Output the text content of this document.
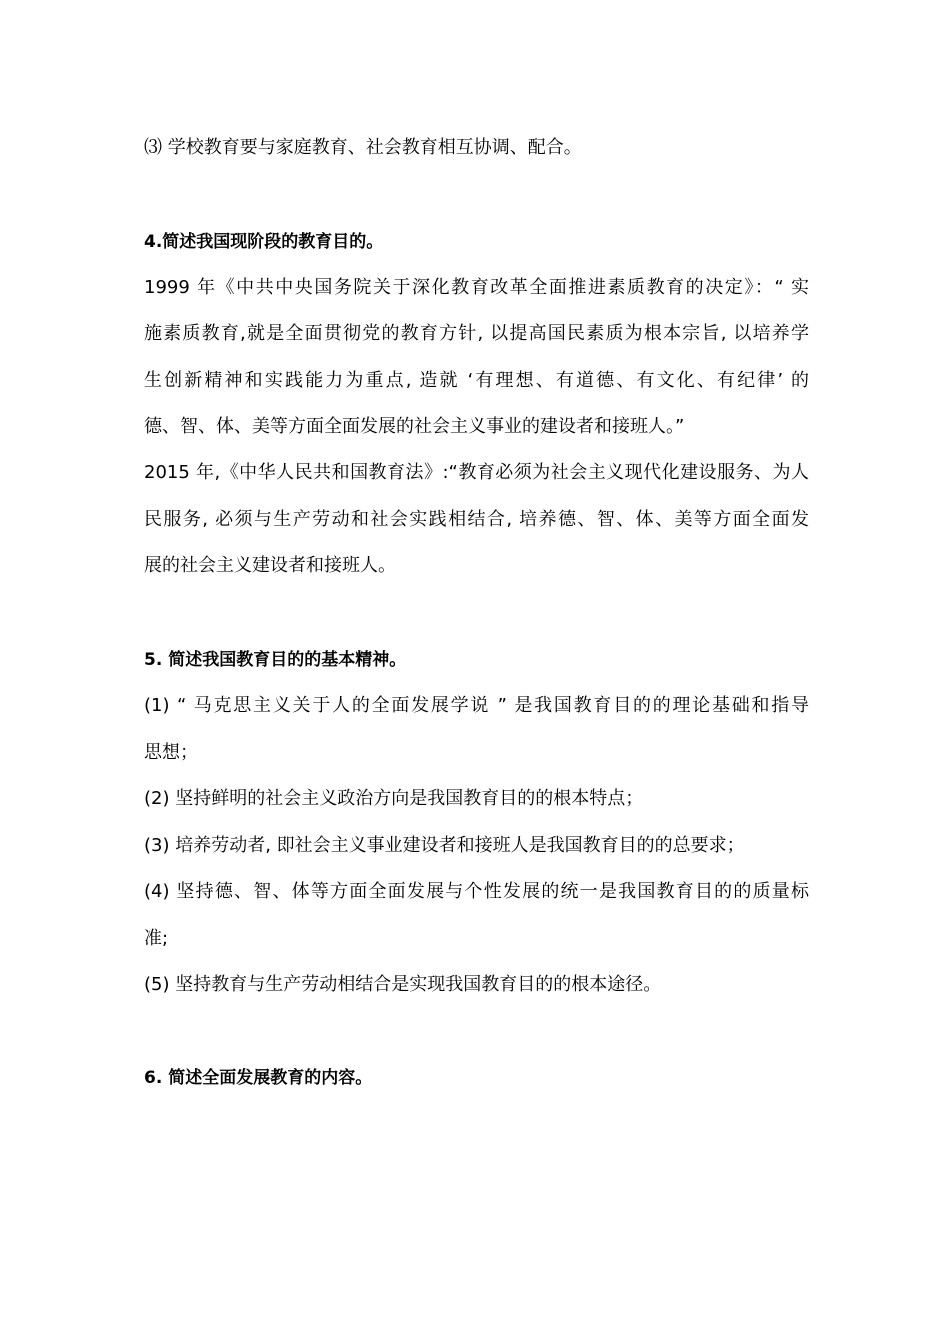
⑶ 学校教育要与家庭教育、社会教育相互协调、配合。
4.简述我国现阶段的教育目的。
1999 年《中共中央国务院关于深化教育改革全面推进素质教育的决定》：“ 实
施素质教育,就是全面贯彻党的教育方针, 以提高国民素质为根本宗旨, 以培养学
生创新精神和实践能力为重点, 造就 ‘有理想、有道德、有文化、有纪律’ 的
德、智、体、美等方面全面发展的社会主义事业的建设者和接班人。”
2015 年,《中华人民共和国教育法》:“教育必须为社会主义现代化建设服务、为人
民服务, 必须与生产劳动和社会实践相结合, 培养德、智、体、美等方面全面发
展的社会主义建设者和接班人。
5. 简述我国教育目的的基本精神。
(1) “ 马克思主义关于人的全面发展学说 ” 是我国教育目的的理论基础和指导
思想；
(2) 坚持鲜明的社会主义政治方向是我国教育目的的根本特点；
(3) 培养劳动者, 即社会主义事业建设者和接班人是我国教育目的的总要求；
(4) 坚持德、智、体等方面全面发展与个性发展的统一是我国教育目的的质量标
准;
(5) 坚持教育与生产劳动相结合是实现我国教育目的的根本途径。
6. 简述全面发展教育的内容。
